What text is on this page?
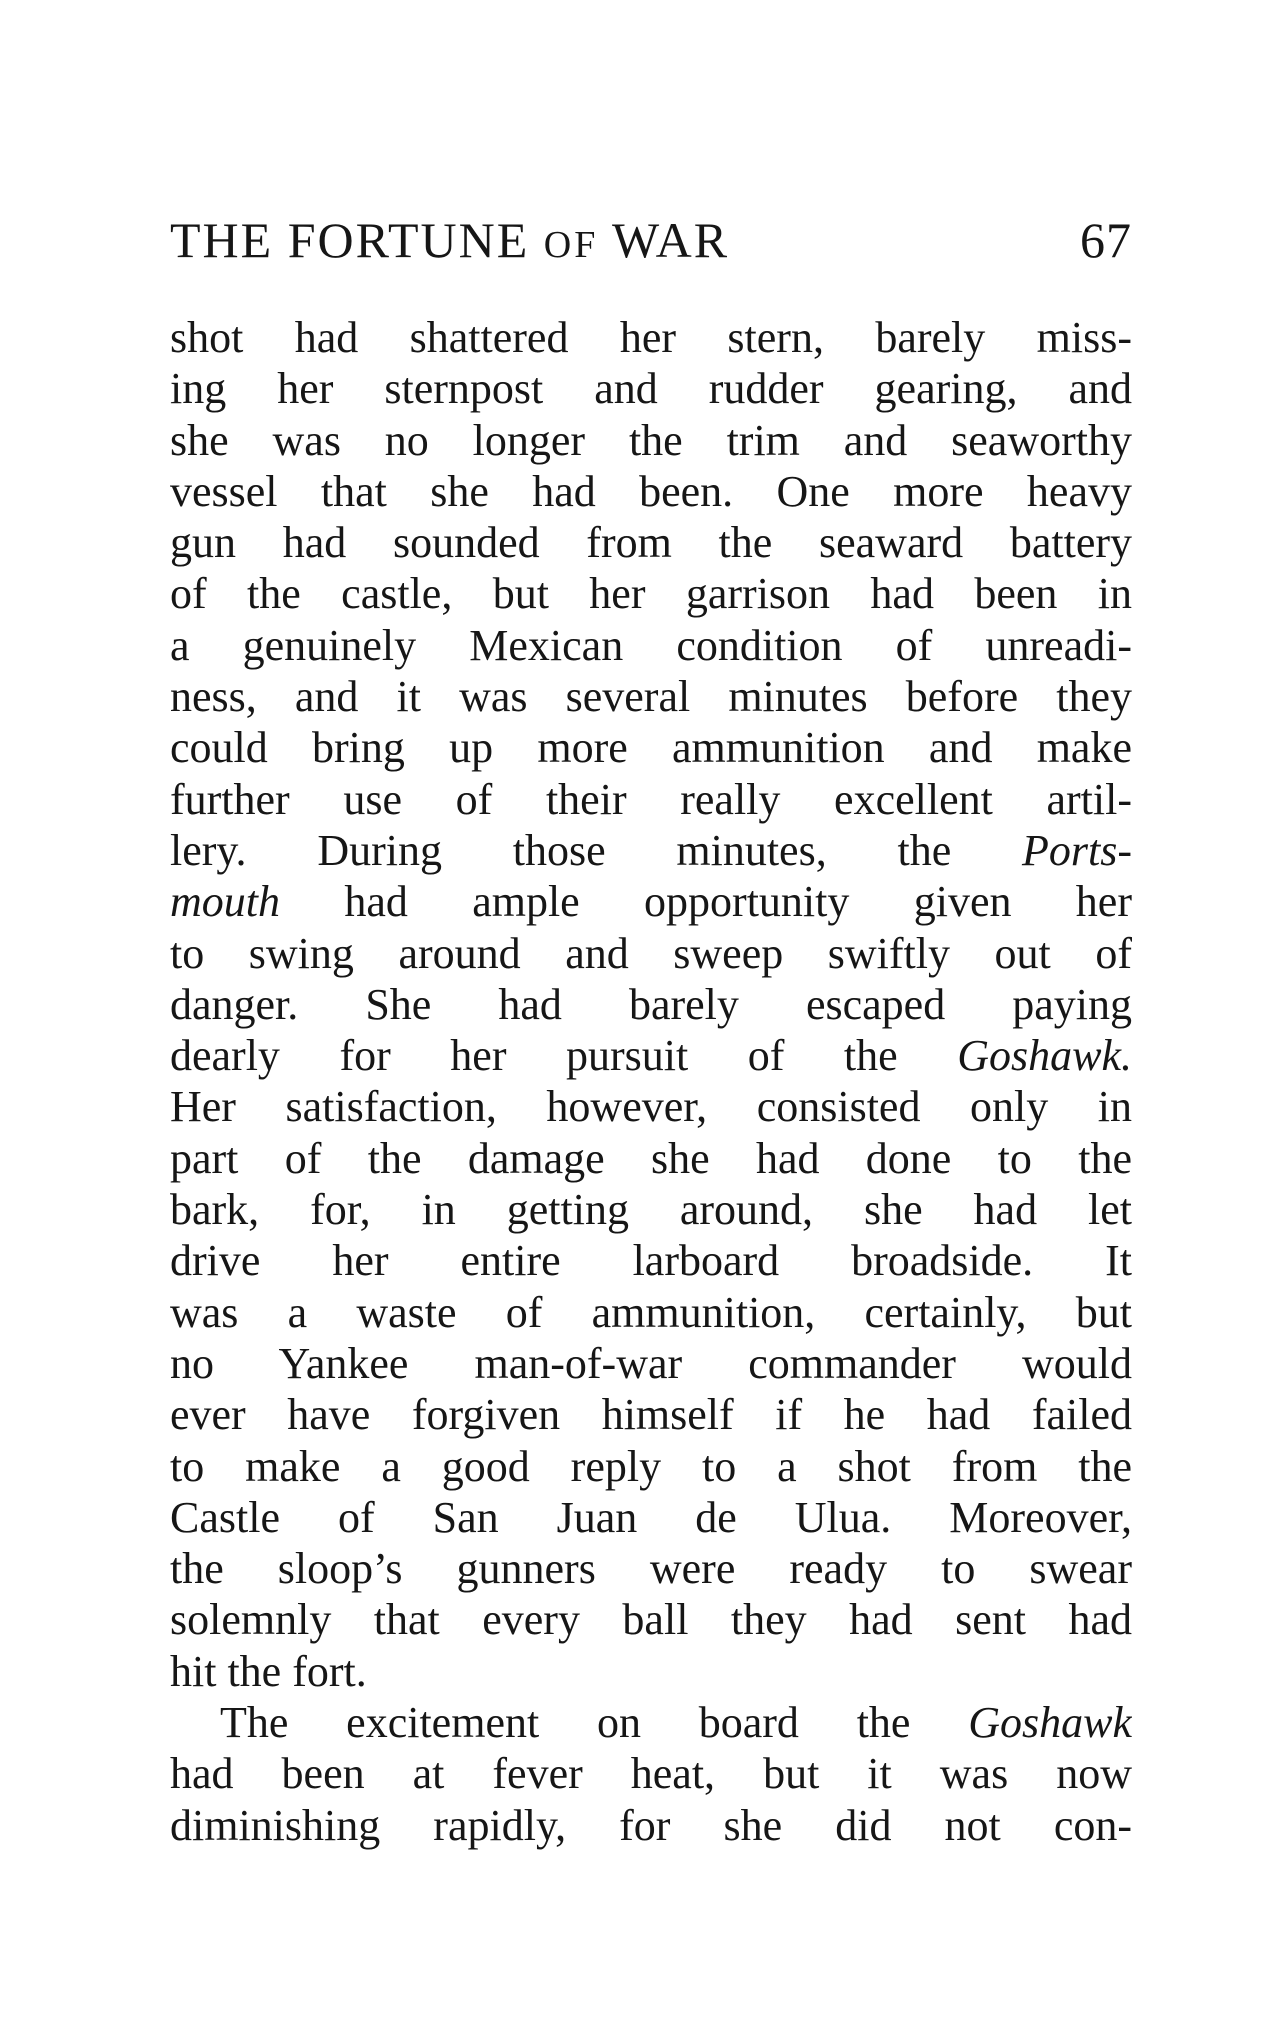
THE FORTUNE OF WAR	67
shot had shattered her stern, barely miss-
ing her sternpost and rudder gearing, and
she was no longer the trim and seaworthy
vessel that she had been. One more heavy
gun had sounded from the seaward battery
of the castle, but her garrison had been in
a genuinely Mexican condition of unreadi-
ness, and it was several minutes before they
could bring up more ammunition and make
further use of their really excellent artil-
lery. During those minutes, the Ports-
mouth had ample opportunity given her
to swing around and sweep swiftly out of
danger. She had barely escaped paying
dearly for her pursuit of the Goshawk.
Her satisfaction, however, consisted only in
part of the damage she had done to the
bark, for, in getting around, she had let
drive her entire larboard broadside. It
was a waste of ammunition, certainly, but
no Yankee man-of-war commander would
ever have forgiven himself if he had failed
to make a good reply to a shot from the
Castle of San Juan de Ulua. Moreover,
the sloop’s gunners were ready to swear
solemnly that every ball they had sent had
hit the fort.
The excitement on board the Goshawk
had been at fever heat, but it was now
diminishing rapidly, for she did not con-
